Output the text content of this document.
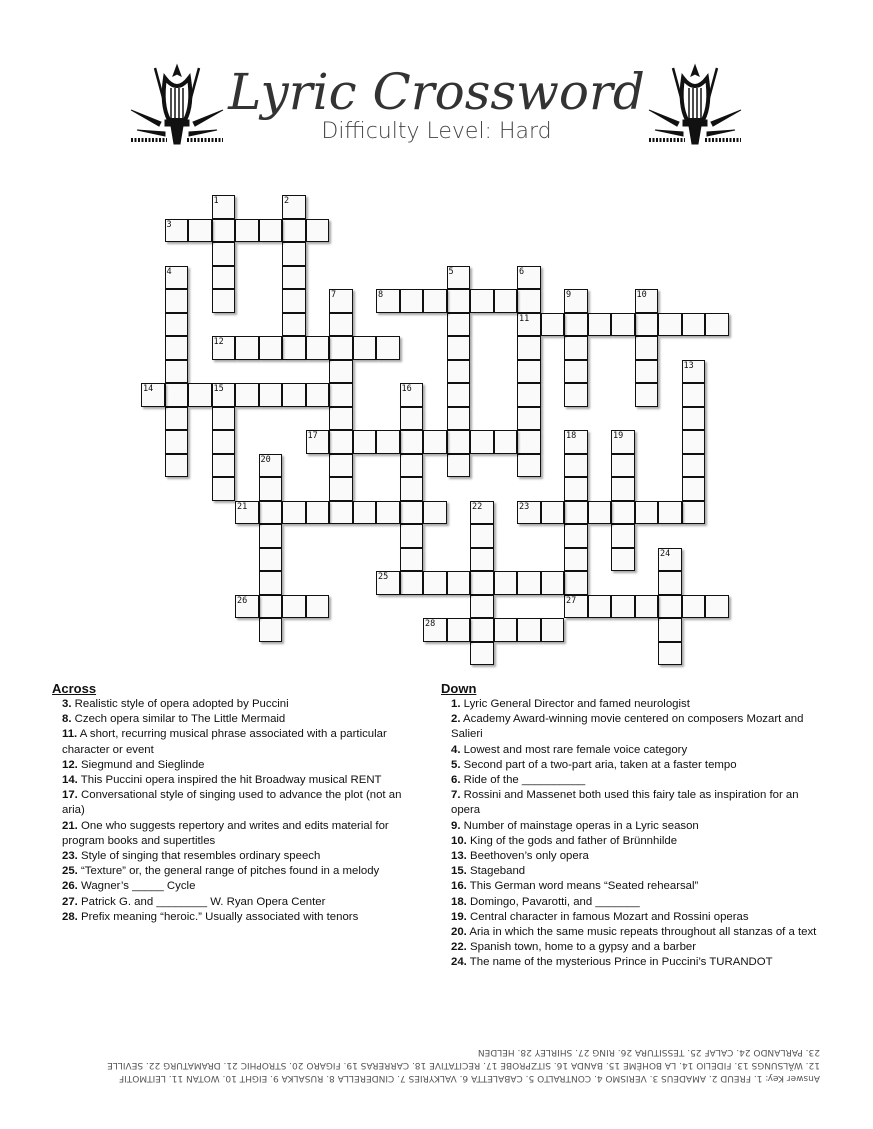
Lyric Crossword
Difficulty Level: Hard
1	2
3
4	5	6
11
7	8	9	10
12
13
14	15	16
17	18
27
19
20
21	22	23
24
25
26
28
Across
3. Realistic style of opera adopted by Puccini
8. Czech opera similar to The Little Mermaid
11. A short, recurring musical phrase associated with a particular character or event
12. Siegmund and Sieglinde
14. This Puccini opera inspired the hit Broadway musical RENT
17. Conversational style of singing used to advance the plot (not an aria)
21. One who suggests repertory and writes and edits material for program books and supertitles
23. Style of singing that resembles ordinary speech
25. “Texture” or, the general range of pitches found in a melody
26. Wagner’s _____ Cycle
27. Patrick G. and ________ W. Ryan Opera Center
28. Prefix meaning “heroic.” Usually associated with tenors
Down
1. Lyric General Director and famed neurologist
2. Academy Award-winning movie centered on composers Mozart and Salieri
4. Lowest and most rare female voice category
5. Second part of a two-part aria, taken at a faster tempo
6. Ride of the __________
7. Rossini and Massenet both used this fairy tale as inspiration for an opera
9. Number of mainstage operas in a Lyric season
10. King of the gods and father of Brünnhilde
13. Beethoven’s only opera
15. Stageband
16. This German word means “Seated rehearsal”
18. Domingo, Pavarotti, and _______
19. Central character in famous Mozart and Rossini operas
20. Aria in which the same music repeats throughout all stanzas of a text
22. Spanish town, home to a gypsy and a barber
24. The name of the mysterious Prince in Puccini’s TURANDOT
Answer Key: 1. FREUD 2. AMADEUS 3. VERISMO 4. CONTRALTO 5. CABALETTA 6. VALKYRIES 7. CINDERELLA 8. RUSALKA 9. EIGHT 10. WOTAN 11. LEITMOTIF
12. WÄLSUNGS 13. FIDELIO 14. LA BOHÈME 15. BANDA 16. SITZPROBE 17. RECITATIVE 18. CARRERAS 19. FIGARO 20. STROPHIC 21. DRAMATURG 22. SEVILLE
23. PARLANDO 24. CALAF 25. TESSITURA 26. RING 27. SHIRLEY 28. HELDEN
